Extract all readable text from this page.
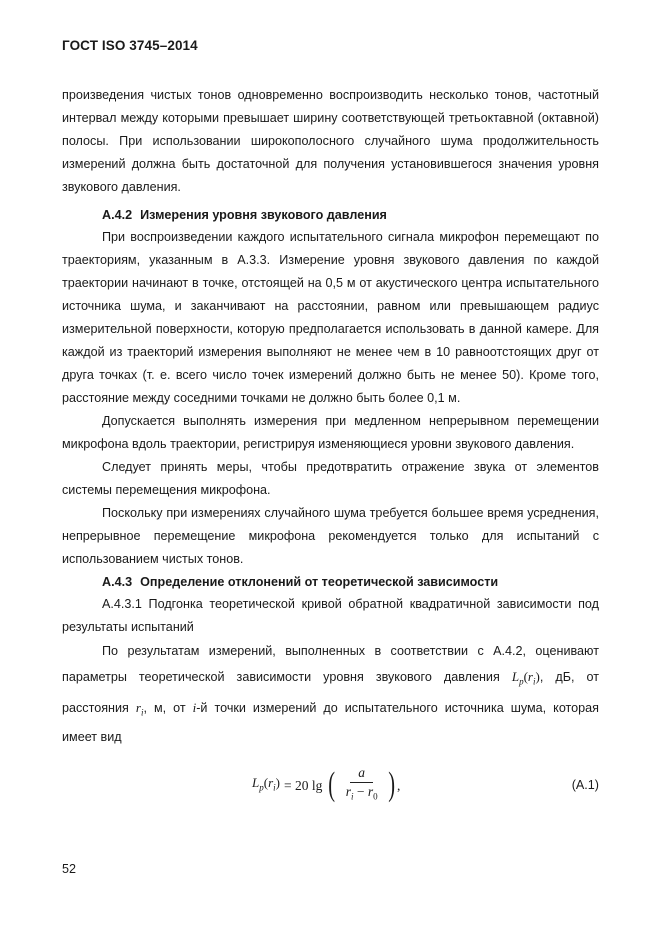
ГОСТ ISO 3745–2014

произведения чистых тонов одновременно воспроизводить несколько тонов, частотный интервал между которыми превышает ширину соответствующей третьоктавной (октавной) полосы. При использовании широкополосного случайного шума продолжительность измерений должна быть достаточной для получения установившегося значения уровня звукового давления.

А.4.2 Измерения уровня звукового давления

При воспроизведении каждого испытательного сигнала микрофон перемещают по траекториям, указанным в А.3.3. Измерение уровня звукового давления по каждой траектории начинают в точке, отстоящей на 0,5 м от акустического центра испытательного источника шума, и заканчивают на расстоянии, равном или превышающем радиус измерительной поверхности, которую предполагается использовать в данной камере. Для каждой из траекторий измерения выполняют не менее чем в 10 равноотстоящих друг от друга точках (т. е. всего число точек измерений должно быть не менее 50). Кроме того, расстояние между соседними точками не должно быть более 0,1 м.

Допускается выполнять измерения при медленном непрерывном перемещении микрофона вдоль траектории, регистрируя изменяющиеся уровни звукового давления.

Следует принять меры, чтобы предотвратить отражение звука от элементов системы перемещения микрофона.

Поскольку при измерениях случайного шума требуется большее время усреднения, непрерывное перемещение микрофона рекомендуется только для испытаний с использованием чистых тонов.

А.4.3 Определение отклонений от теоретической зависимости

А.4.3.1 Подгонка теоретической кривой обратной квадратичной зависимости под результаты испытаний

По результатам измерений, выполненных в соответствии с А.4.2, оценивают параметры теоретической зависимости уровня звукового давления $L_p(r_i)$, дБ, от расстояния $r_i$, м, от i-й точки измерений до испытательного источника шума, которая имеет вид

$L_p(r_i) = 20$ lg ( $\frac{a}{r_i - r_0}$ ) ,	(А.1)
52
